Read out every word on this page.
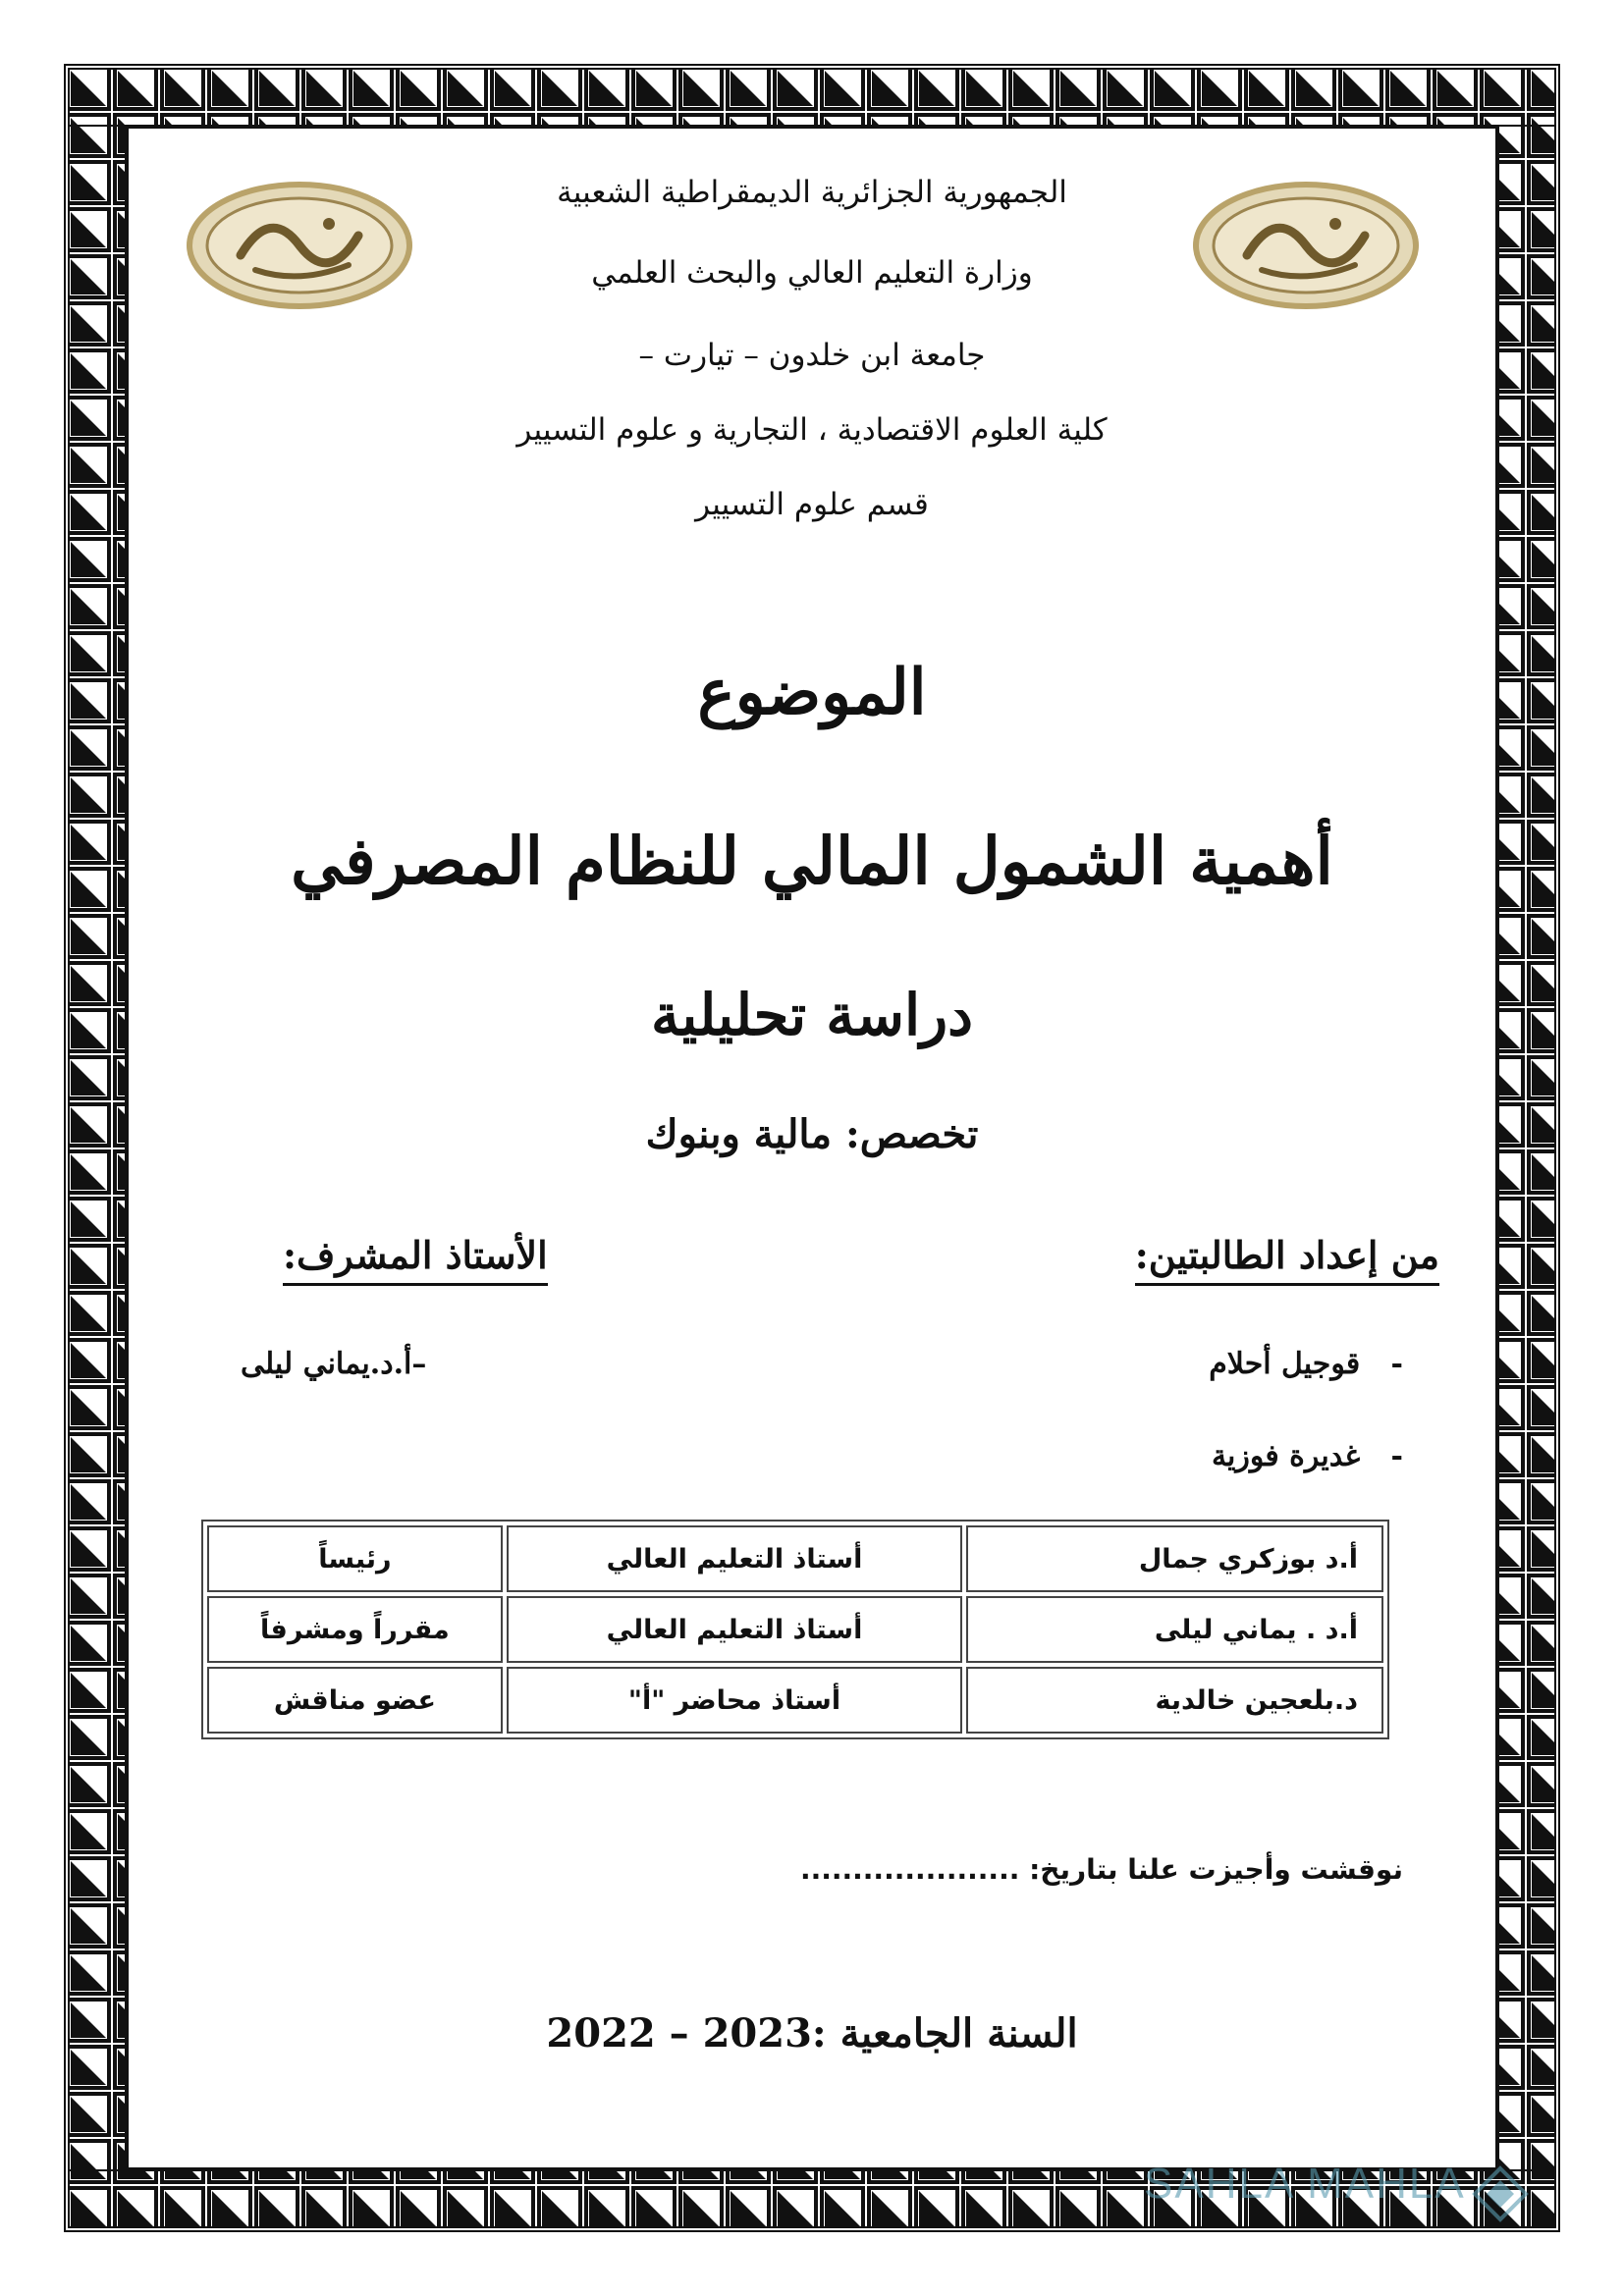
الجمهورية الجزائرية الديمقراطية الشعبية
وزارة التعليم العالي والبحث العلمي
جامعة ابن خلدون – تيارت –
كلية العلوم الاقتصادية ، التجارية و علوم التسيير
قسم علوم التسيير
الموضوع
أهمية الشمول المالي للنظام المصرفي
دراسة تحليلية
تخصص: مالية وبنوك
من إعداد الطالبتين:
الأستاذ المشرف:
-   قوجيل أحلام
-   غديرة فوزية
–أ.د.يماني ليلى
أ.د بوزكري جمال	أستاذ التعليم العالي	رئيساً
أ.د . يماني ليلى	أستاذ التعليم العالي	مقرراً ومشرفاً
د.بلعجين خالدية	أستاذ محاضر "أ"	عضو مناقش
نوقشت وأجيزت علنا بتاريخ: .....................
السنة الجامعية :2022 – 2023
SAHLA MAHLA
